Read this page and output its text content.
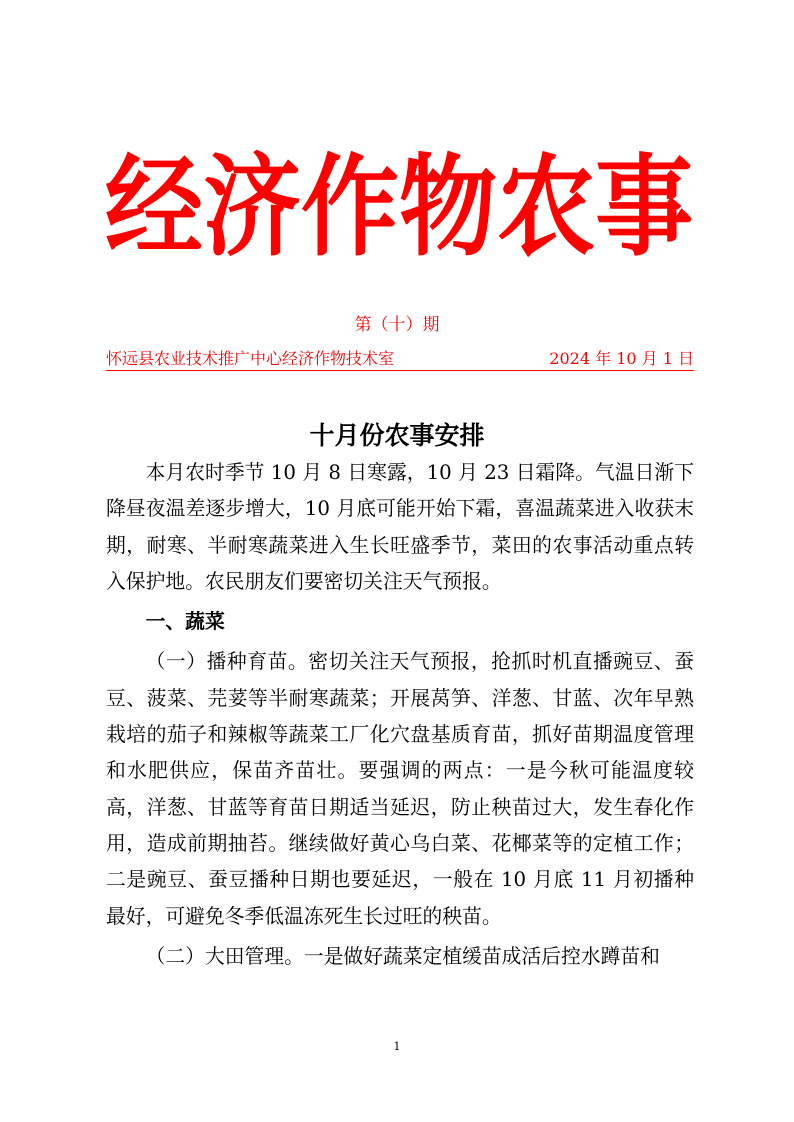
经 济 作 物 农 事
第（十）期
怀远县农业技术推广中心经济作物技术室	2024 年 10 月 1 日
十月份农事安排

本月农时季节 10 月 8 日寒露，10 月 23 日霜降。气温日渐下降昼夜温差逐步增大，10 月底可能开始下霜，喜温蔬菜进入收获末期，耐寒、半耐寒蔬菜进入生长旺盛季节，菜田的农事活动重点转入保护地。农民朋友们要密切关注天气预报。

一、蔬菜

（一）播种育苗。密切关注天气预报，抢抓时机直播豌豆、蚕豆、菠菜、芫荽等半耐寒蔬菜；开展莴笋、洋葱、甘蓝、次年早熟栽培的茄子和辣椒等蔬菜工厂化穴盘基质育苗，抓好苗期温度管理和水肥供应，保苗齐苗壮。要强调的两点：一是今秋可能温度较高，洋葱、甘蓝等育苗日期适当延迟，防止秧苗过大，发生春化作用，造成前期抽苔。继续做好黄心乌白菜、花椰菜等的定植工作；二是豌豆、蚕豆播种日期也要延迟，一般在 10 月底 11 月初播种最好，可避免冬季低温冻死生长过旺的秧苗。

（二）大田管理。一是做好蔬菜定植缓苗成活后控水蹲苗和

1
